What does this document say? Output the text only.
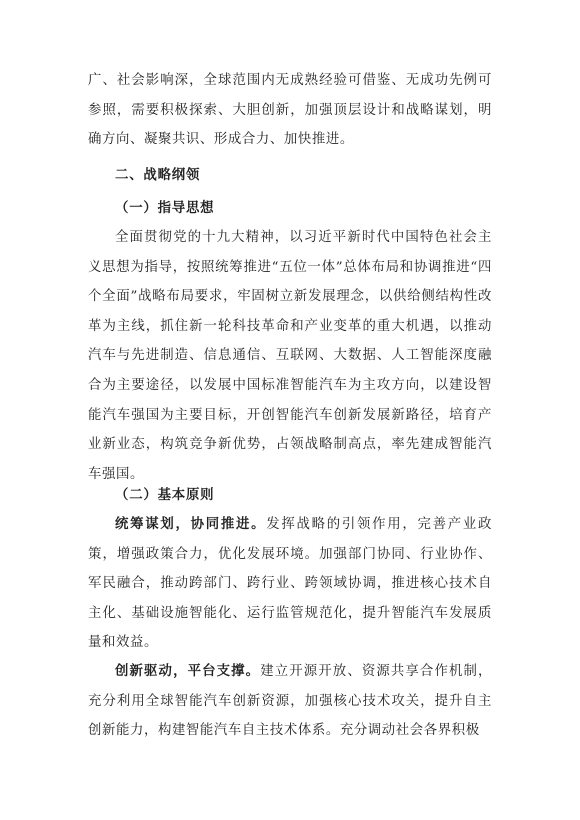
广、社会影响深，全球范围内无成熟经验可借鉴、无成功先例可参照，需要积极探索、大胆创新，加强顶层设计和战略谋划，明确方向、凝聚共识、形成合力、加快推进。

二、战略纲领
（一）指导思想

全面贯彻党的十九大精神，以习近平新时代中国特色社会主义思想为指导，按照统筹推进“五位一体”总体布局和协调推进“四个全面”战略布局要求，牢固树立新发展理念，以供给侧结构性改革为主线，抓住新一轮科技革命和产业变革的重大机遇，以推动汽车与先进制造、信息通信、互联网、大数据、人工智能深度融合为主要途径，以发展中国标准智能汽车为主攻方向，以建设智能汽车强国为主要目标，开创智能汽车创新发展新路径，培育产业新业态，构筑竞争新优势，占领战略制高点，率先建成智能汽车强国。

（二）基本原则

统筹谋划，协同推进。发挥战略的引领作用，完善产业政策，增强政策合力，优化发展环境。加强部门协同、行业协作、军民融合，推动跨部门、跨行业、跨领域协调，推进核心技术自主化、基础设施智能化、运行监管规范化，提升智能汽车发展质量和效益。

创新驱动，平台支撑。建立开源开放、资源共享合作机制，充分利用全球智能汽车创新资源，加强核心技术攻关，提升自主创新能力，构建智能汽车自主技术体系。充分调动社会各界积极
